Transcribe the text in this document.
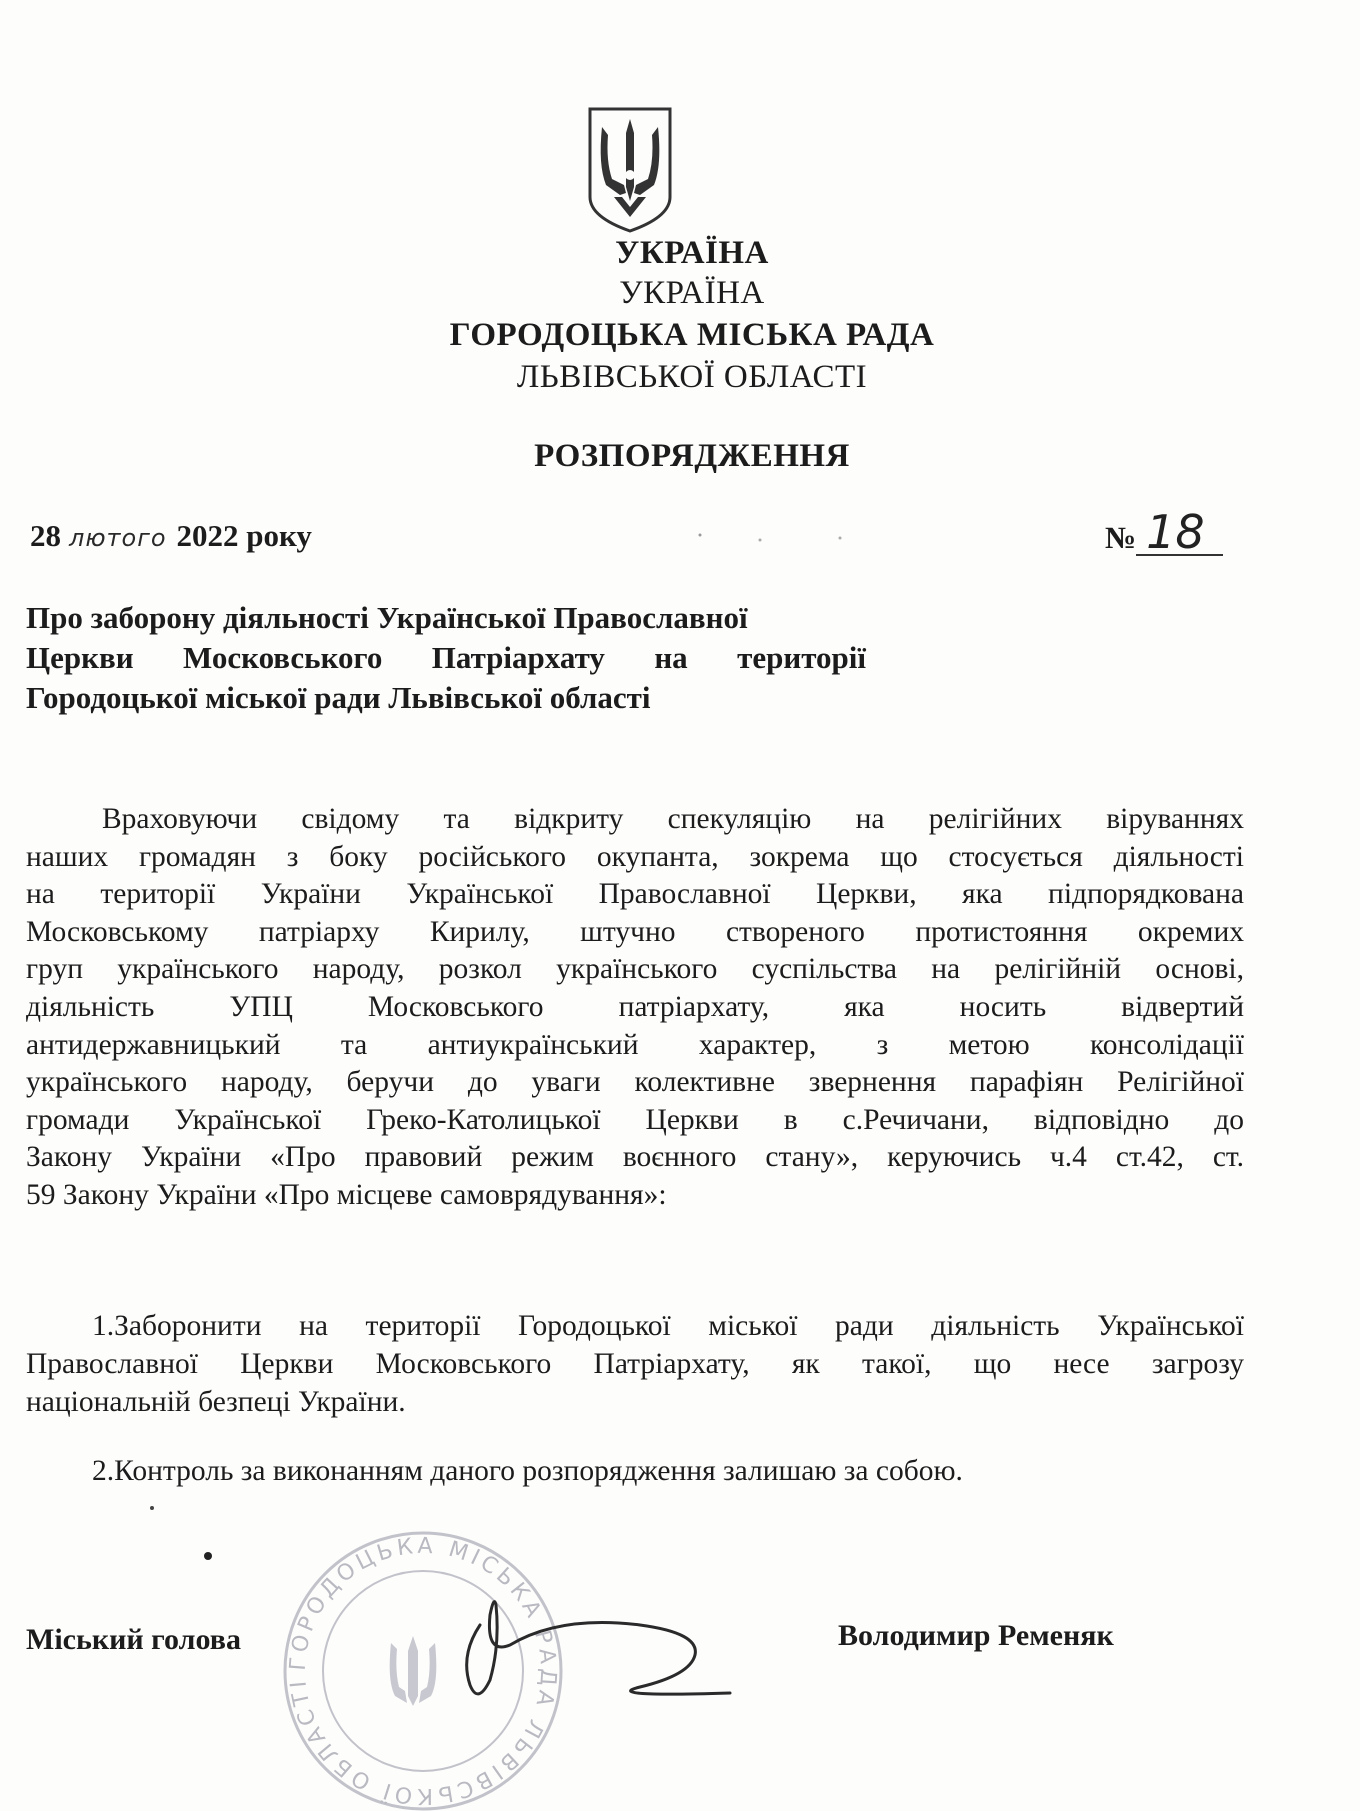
УКРАЇНА
УКРАЇНА
ГОРОДОЦЬКА МІСЬКА РАДА
ЛЬВІВСЬКОЇ ОБЛАСТІ
РОЗПОРЯДЖЕННЯ
28 лютого 2022 року	№ 18
Про заборону діяльності Української Православної
Церкви Московського Патріархату на території
Городоцької міської ради Львівської області
Враховуючи свідому та відкриту спекуляцію на релігійних віруваннях
наших громадян з боку російського окупанта, зокрема що стосується діяльності
на території України Української Православної Церкви, яка підпорядкована
Московському патріарху Кирилу, штучно створеного протистояння окремих
груп українського народу, розкол українського суспільства на релігійній основі,
діяльність УПЦ Московського патріархату, яка носить відвертий
антидержавницький та антиукраїнський характер, з метою консолідації
українського народу, беручи до уваги колективне звернення парафіян Релігійної
громади Української Греко-Католицької Церкви в с.Речичани, відповідно до
Закону України «Про правовий режим воєнного стану», керуючись ч.4 ст.42, ст.
59 Закону України «Про місцеве самоврядування»:
1.Заборонити на території Городоцької міської ради діяльність Української
Православної Церкви Московського Патріархату, як такої, що несе загрозу
національній безпеці України.
2.Контроль за виконанням даного розпорядження залишаю за собою.
ГОРОДОЦЬКА МІСЬКА РАДА ЛЬВІВСЬКОЇ ОБЛАСТІ
Міський голова	Володимир Ременяк
